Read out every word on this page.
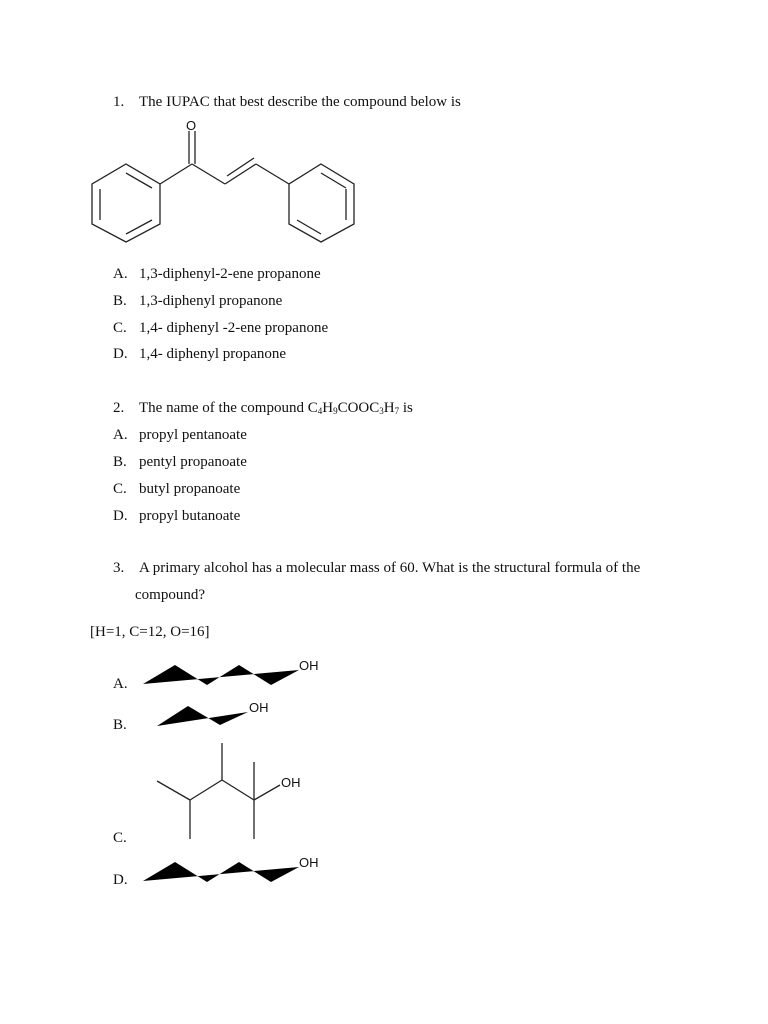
1. The IUPAC that best describe the compound below is
O
A. 1,3-diphenyl-2-ene propanone
B. 1,3-diphenyl propanone
C. 1,4- diphenyl -2-ene propanone
D. 1,4- diphenyl propanone
2. The name of the compound $C_4H_9COOC_3H_7$ is
A. propyl pentanoate
B. pentyl propanoate
C. butyl propanoate
D. propyl butanoate
3. A primary alcohol has a molecular mass of 60. What is the structural formula of the
compound?
[H=1, C=12, O=16]
A.
OH
B.
OH
C.
OH
D.
OH
